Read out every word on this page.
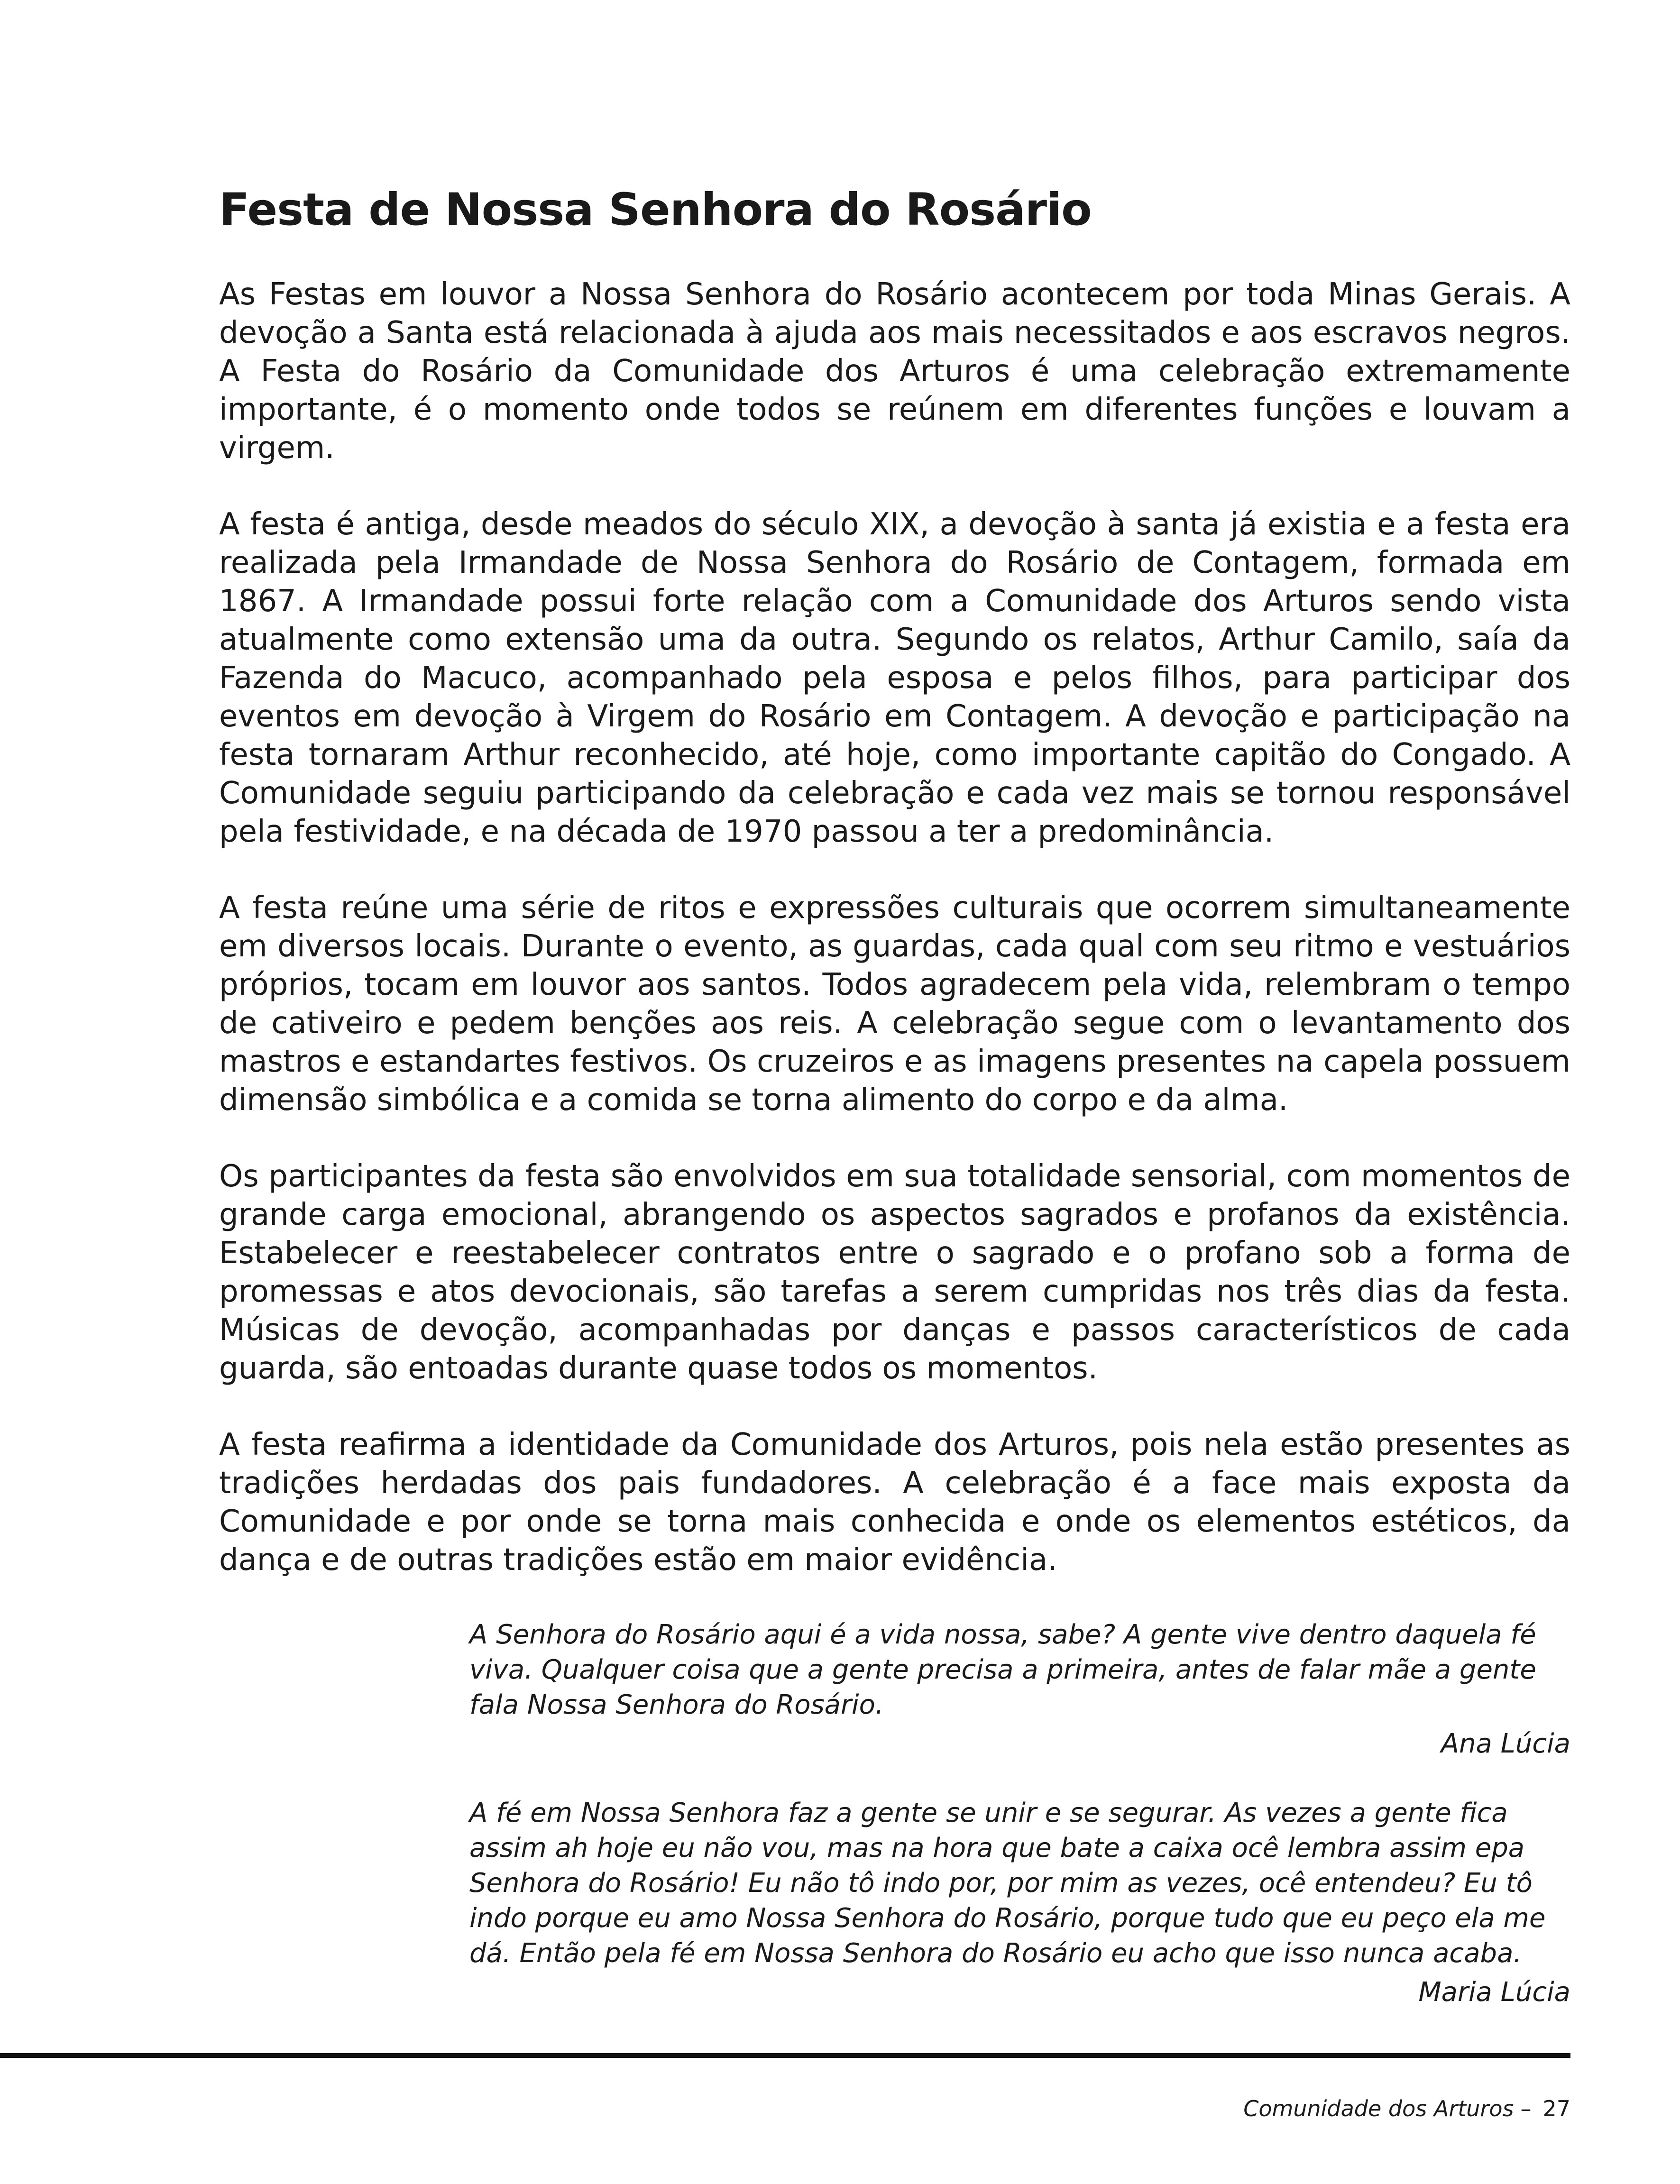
Festa de Nossa Senhora do Rosário

As Festas em louvor a Nossa Senhora do Rosário acontecem por toda Minas Gerais. A devoção a Santa está relacionada à ajuda aos mais necessitados e aos escravos negros. A Festa do Rosário da Comunidade dos Arturos é uma celebração extremamente importante, é o momento onde todos se reúnem em diferentes funções e louvam a virgem.

A festa é antiga, desde meados do século XIX, a devoção à santa já existia e a festa era realizada pela Irmandade de Nossa Senhora do Rosário de Contagem, formada em 1867. A Irmandade possui forte relação com a Comunidade dos Arturos sendo vista atualmente como extensão uma da outra. Segundo os relatos, Arthur Camilo, saía da Fazenda do Macuco, acompanhado pela esposa e pelos filhos, para participar dos eventos em devoção à Virgem do Rosário em Contagem. A devoção e participação na festa tornaram Arthur reconhecido, até hoje, como importante capitão do Congado. A Comunidade seguiu participando da celebração e cada vez mais se tornou responsável pela festividade, e na década de 1970 passou a ter a predominância.

A festa reúne uma série de ritos e expressões culturais que ocorrem simultaneamente em diversos locais. Durante o evento, as guardas, cada qual com seu ritmo e vestuários próprios, tocam em louvor aos santos. Todos agradecem pela vida, relembram o tempo de cativeiro e pedem benções aos reis. A celebração segue com o levantamento dos mastros e estandartes festivos. Os cruzeiros e as imagens presentes na capela possuem dimensão simbólica e a comida se torna alimento do corpo e da alma.

Os participantes da festa são envolvidos em sua totalidade sensorial, com momentos de grande carga emocional, abrangendo os aspectos sagrados e profanos da existência. Estabelecer e reestabelecer contratos entre o sagrado e o profano sob a forma de promessas e atos devocionais, são tarefas a serem cumpridas nos três dias da festa. Músicas de devoção, acompanhadas por danças e passos característicos de cada guarda, são entoadas durante quase todos os momentos.

A festa reafirma a identidade da Comunidade dos Arturos, pois nela estão presentes as tradições herdadas dos pais fundadores. A celebração é a face mais exposta da Comunidade e por onde se torna mais conhecida e onde os elementos estéticos, da dança e de outras tradições estão em maior evidência.

A Senhora do Rosário aqui é a vida nossa, sabe? A gente vive dentro daquela fé viva. Qualquer coisa que a gente precisa a primeira, antes de falar mãe a gente fala Nossa Senhora do Rosário.

Ana Lúcia

A fé em Nossa Senhora faz a gente se unir e se segurar. As vezes a gente fica assim ah hoje eu não vou, mas na hora que bate a caixa ocê lembra assim epa Senhora do Rosário! Eu não tô indo por, por mim as vezes, ocê entendeu? Eu tô indo porque eu amo Nossa Senhora do Rosário, porque tudo que eu peço ela me dá. Então pela fé em Nossa Senhora do Rosário eu acho que isso nunca acaba.

Maria Lúcia

Comunidade dos Arturos – 27
